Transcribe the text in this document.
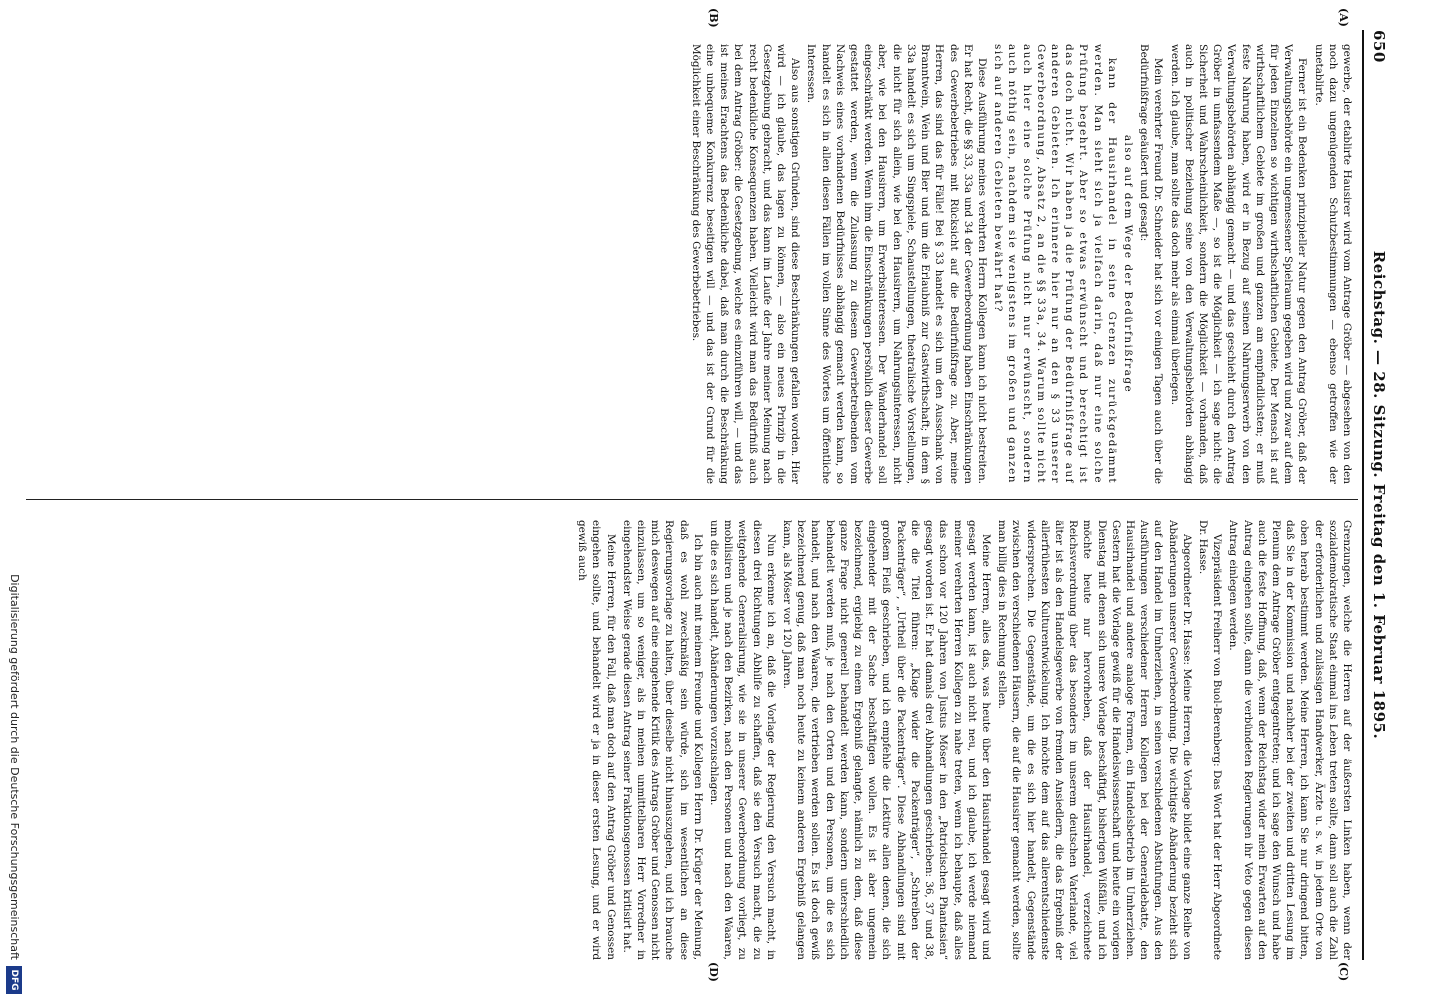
650
Reichstag. — 28. Sitzung. Freitag den 1. Februar 1895.
(A)
(B)
(C)
(D)

gewerbe, der etablirte Hausirer wird vom Antrage Gröber — abgesehen von den noch dazu ungenügenden Schutzbestimmungen — ebenso getroffen wie der unetablirte.

Ferner ist ein Bedenken prinzipieller Natur gegen den Antrag Gröber, daß der Verwaltungsbehörde ein ungemessener Spielraum gegeben wird und zwar auf dem für jeden Einzelnen so wichtigen wirthschaftlichen Gebiete. Der Mensch ist auf wirthschaftlichem Gebiete im großen und ganzen am empfindlichsten; er muß feste Nahrung haben, wird er in Bezug auf seinen Nahrungserwerb von den Verwaltungsbehörden abhängig gemacht — und das geschieht durch den Antrag Gröber in umfassendem Maße —, so ist die Möglichkeit — ich sage nicht: die Sicherheit und Wahrscheinlichkeit, sondern die Möglichkeit — vorhanden, daß auch in politischer Beziehung seine von den Verwaltungsbehörden abhängig werden. Ich glaube, man sollte das doch mehr als einmal überlegen.

Mein verehrter Freund Dr. Schneider hat sich vor einigen Tagen auch über die Bedürfnißfrage geäußert und gesagt:

also auf dem Wege der Bedürfnißfrage

kann der Hausirhandel in seine Grenzen zurückgedämmt werden. Man sieht sich ja vielfach darin, daß nur eine solche Prüfung begehrt. Aber so etwas erwünscht und berechtigt ist das doch nicht. Wir haben ja die Prüfung der Bedürfnißfrage auf anderen Gebieten. Ich erinnere hier nur an den § 33 unserer Gewerbeordnung, Absatz 2, an die §§ 33a, 34. Warum sollte nicht auch hier eine solche Prüfung nicht nur erwünscht, sondern auch nöthig sein, nachdem sie wenigstens im großen und ganzen sich auf anderen Gebieten bewährt hat?

Diese Ausführung meines verehrten Herrn Kollegen kann ich nicht bestreiten. Er hat Recht, die §§ 33, 33a und 34 der Gewerbeordnung haben Einschränkungen des Gewerbebetriebes mit Rücksicht auf die Bedürfnißfrage zu. Aber, meine Herren, das sind das für Fälle! Bei § 33 handelt es sich um den Ausschank von Branntwein, Wein und Bier und um die Erlaubniß zur Gastwirthschaft; in dem § 33a handelt es sich um Singspiele, Schaustellungen, theatralische Vorstellungen, die nicht für sich allein, wie bei den Hausirern, um Nahrungsinteressen, nicht aber, wie bei den Hausirern, um Erwerbsinteressen. Der Wanderhandel soll eingeschränkt werden. Wenn ihm die Einschränkungen persönlich dieser Gewerbe gestattet werden, wenn die Zulassung zu diesem Gewerbetreibenden vom Nachweis eines vorhandenen Bedürfnisses abhängig gemacht werden kann, so handelt es sich in allen diesen Fällen im vollen Sinne des Wortes um öffentliche Interessen.

Also aus sonstigen Gründen, sind diese Beschränkungen gefallen worden. Hier wird — ich glaube, das lagen zu können, — also ein neues Prinzip in die Gesetzgebung gebracht, und das kann im Laufe der Jahre meiner Meinung nach recht bedenkliche Konsequenzen haben. Vielleicht wird man das Bedürfniß auch bei dem Antrag Gröber: die Gesetzgebung, welche es einzuführen will, — und das ist meines Erachtens das Bedenkliche dabei, daß man durch die Beschränkung eine unbequeme Konkurrenz beseitigen will — und das ist der Grund für die Möglichkeit einer Beschränkung des Gewerbebetriebes.

Grenzungen, welche die Herren auf der äußersten Linken haben, wenn der sozialdemokratische Staat einmal ins Leben treten sollte, dann soll auch die Zahl der erforderlichen und zulässigen Handwerker, Ärzte u. s. w. in jedem Orte von oben herab bestimmt werden. Meine Herren, ich kann Sie nur dringend bitten, daß Sie in der Kommission und nachher bei der zweiten und dritten Lesung im Plenum dem Antrage Gröber entgegentreten; und ich sage den Wunsch und habe auch die feste Hoffnung, daß, wenn der Reichstag wider mein Erwarten auf den Antrag eingehen sollte, dann die verbündeten Regierungen ihr Veto gegen diesen Antrag einlegen werden.

Vizepräsident Freiherr von Buol-Berenberg: Das Wort hat der Herr Abgeordnete Dr. Hasse.

Abgeordneter Dr. Hasse: Meine Herren, die Vorlage bildet eine ganze Reihe von Abänderungen unserer Gewerbeordnung. Die wichtigste Abänderung bezieht sich auf den Handel im Umherziehen, in seinen verschiedenen Abstufungen. Aus den Ausführungen verschiedener Herren Kollegen bei der Generaldebatte, den Hausirhandel und andere analoge Formen, ein Handelsbetrieb im Umherziehen. Gestern hat die Vorlage gewiß für die Handelswissenschaft und heute ein vorigen Dienstag mit denen sich unsere Vorlage beschäftigt, bisherigen Wißfälle, und ich möchte heute nur hervorheben, daß der Hausirhandel, verzeichnete Reichsverordnung über das besonders im unserem deutschen Vaterlande, viel älter ist als den Handelsgewerbe von fremden Ansiedlern, die das Ergebniß der allerfrühesten Kulturentwickelung. Ich möchte dem auf das allerentschiedenste widersprechen. Die Gegenstände, um die es sich hier handelt, Gegenstände zwischen den verschiedenen Häusern, die auf die Hausirer gemacht werden, sollte man billig dies in Rechnung stellen.

Meine Herren, alles das, was heute über den Hausirhandel gesagt wird und gesagt werden kann, ist auch nicht neu, und ich glaube, ich werde niemand meiner verehrten Herren Kollegen zu nahe treten, wenn ich behaupte, daß alles das schon vor 120 Jahren von Justus Möser in den „Patriotischen Phantasien“ gesagt worden ist. Er hat damals drei Abhandlungen geschrieben: 36, 37 und 38, die die Titel führen: „Klage wider die Packenträger“, „Schreiben der Packenträger“, „Urtheil über die Packenträger“. Diese Abhandlungen sind mit großem Fleiß geschrieben, und ich empfehle die Lektüre allen denen, die sich eingehender mit der Sache beschäftigen wollen. Es ist aber ungemein bezeichnend, ergiebig zu einem Ergebniß gelangte, nämlich zu dem, daß diese ganze Frage nicht generell behandelt werden kann, sondern unterschiedlich behandelt werden muß, je nach den Orten und den Personen, um die es sich handelt, und nach den Waaren, die vertrieben werden sollen. Es ist doch gewiß bezeichnend genug, daß man noch heute zu keinem anderen Ergebniß gelangen kann, als Möser vor 120 Jahren.

Nun erkenne ich an, daß die Vorlage der Regierung den Versuch macht, in diesen drei Richtungen Abhilfe zu schaffen, daß sie den Versuch macht, die zu weitgehende Generalisirung, wie sie in unserer Gewerbeordnung vorliegt, zu mobilisiren und je nach den Bezirken, nach den Personen und nach den Waaren, um die es sich handelt, Abänderungen vorzuschlagen.

Ich bin auch mit meinem Freunde und Kollegen Herrn Dr. Krüger der Meinung, daß es wohl zweckmäßig sein würde, sich im wesentlichen an diese Regierungsvorlage zu halten, über dieselbe nicht hinauszugehen, und ich brauche mich deswegen auf eine eingehende Kritik des Antrags Gröber und Genossen nicht einzulassen, um so weniger, als in meinen unmittelbaren Herr Vorredner in eingehendster Weise gerade diesen Antrag seiner Fraktionsgenossen kritisirt hat.

Meine Herren, für den Fall, daß man doch auf den Antrag Gröber und Genossen eingehen sollte, und behandelt wird er ja in dieser ersten Lesung, und er wird gewiß auch

Digitalisierung gefördert durch die Deutsche Forschungsgemeinschaft
DFG
